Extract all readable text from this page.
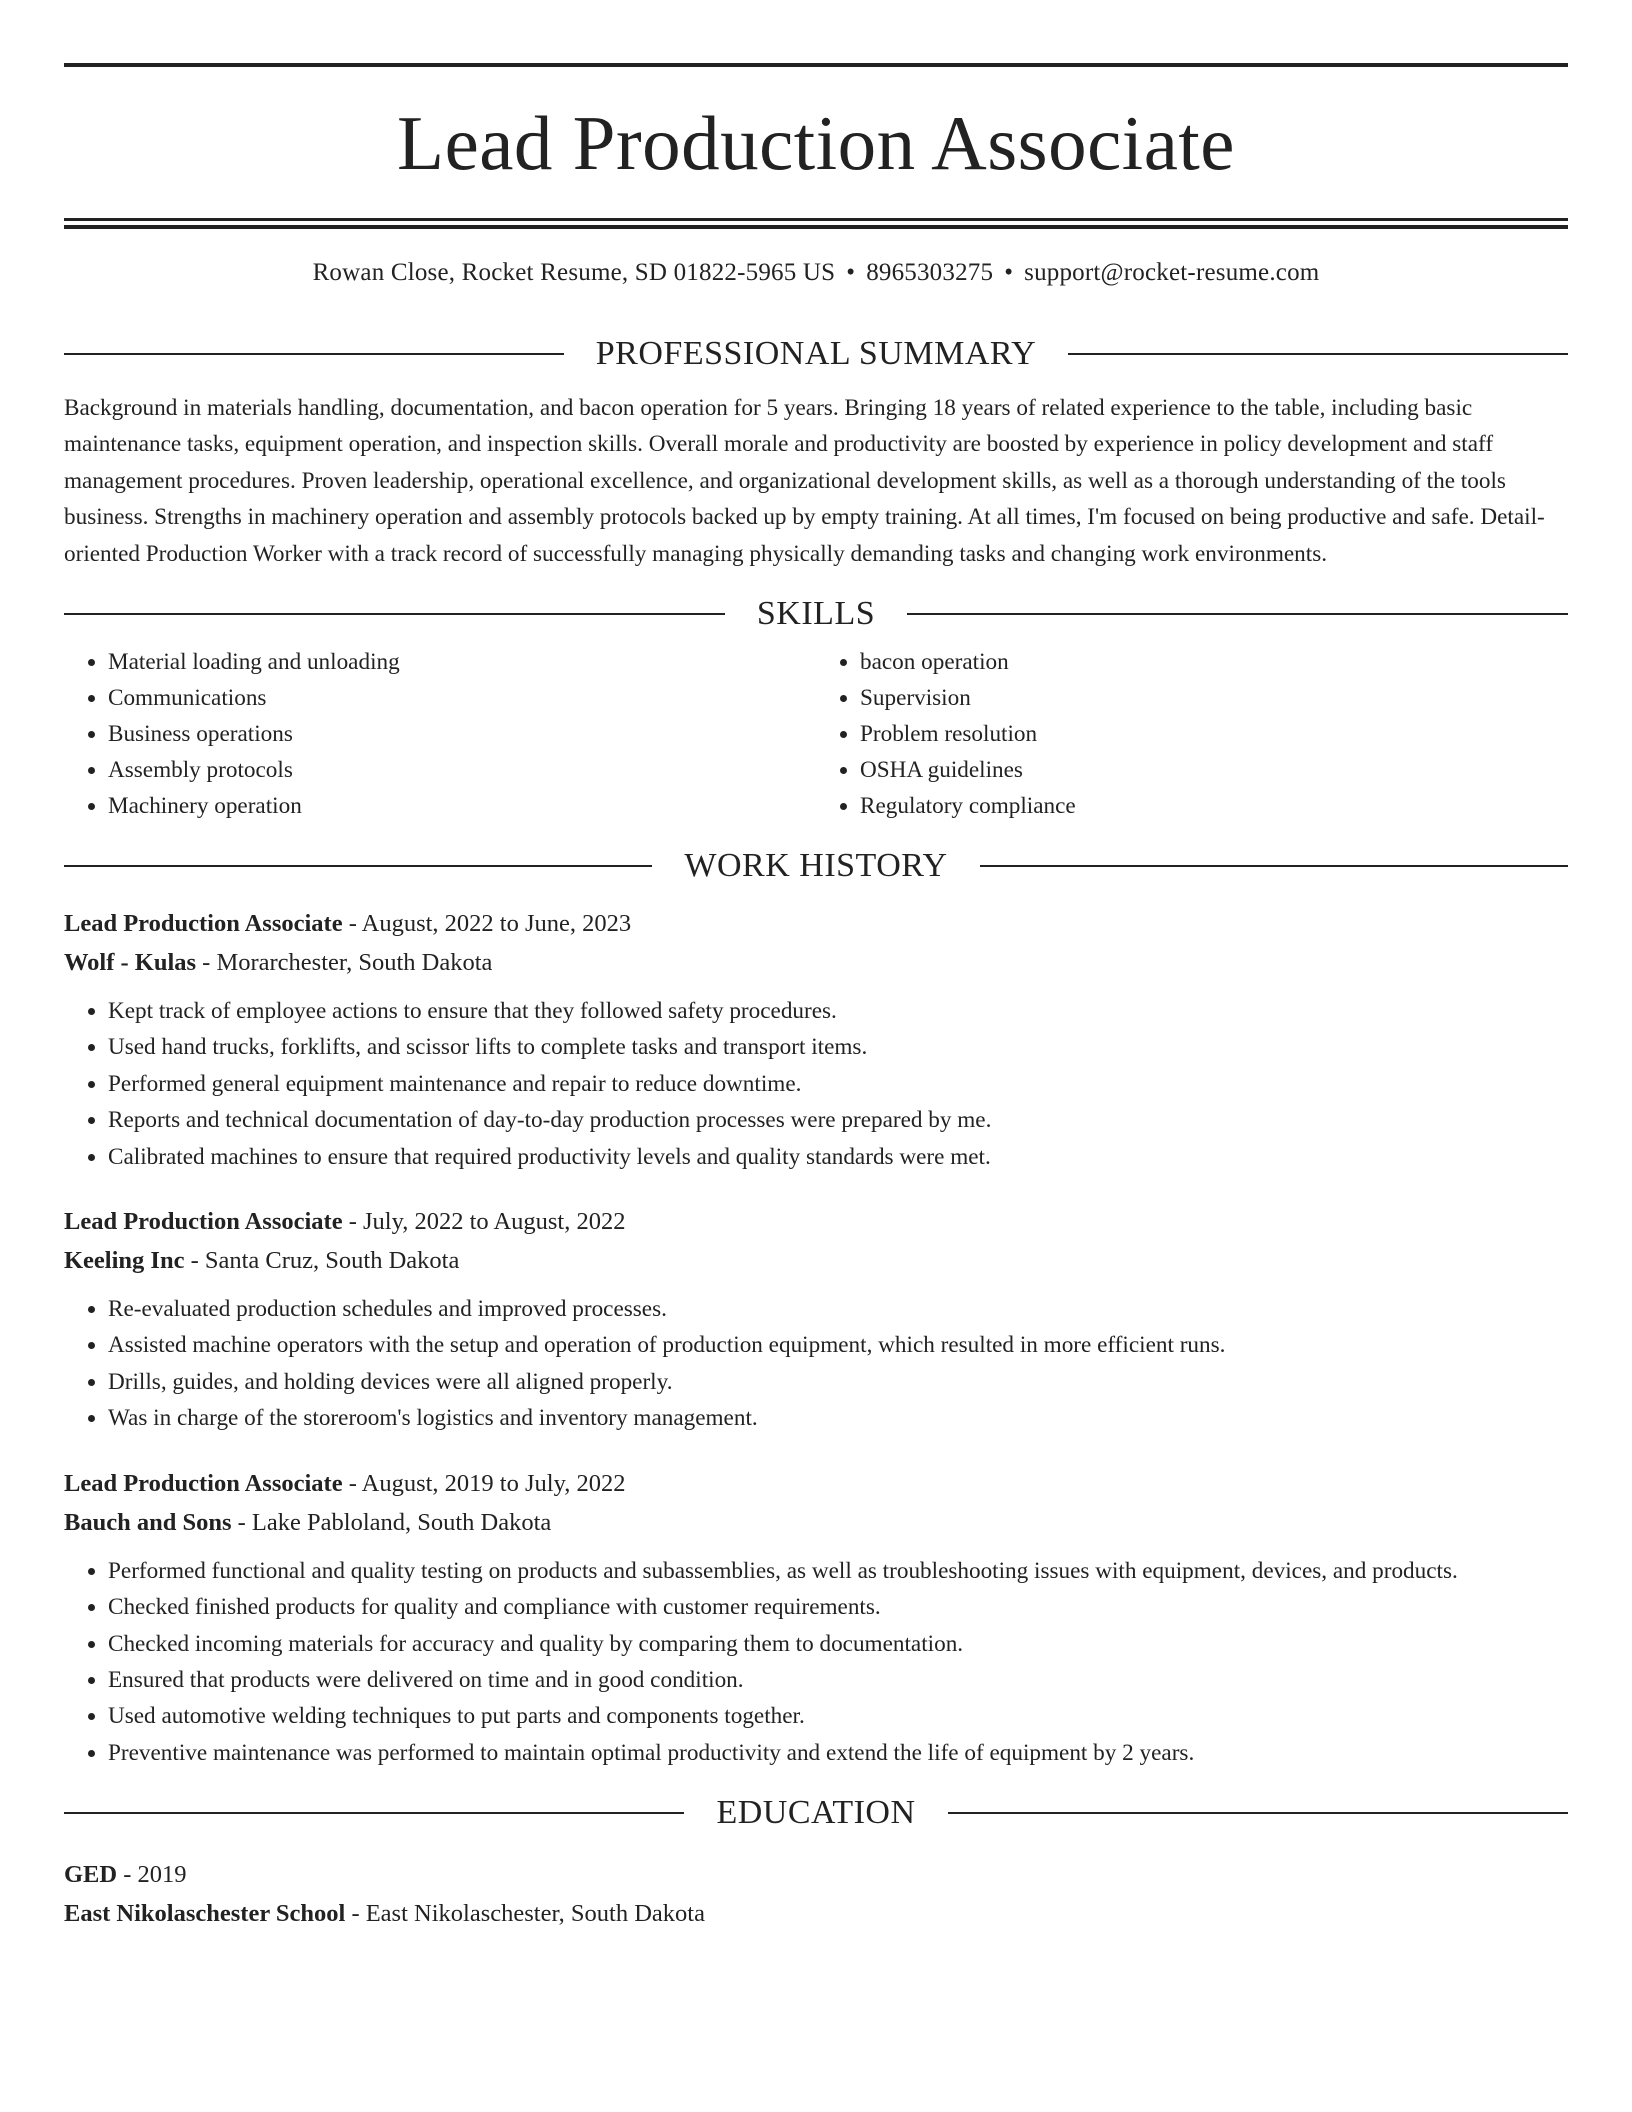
Lead Production Associate
Rowan Close, Rocket Resume, SD 01822-5965 US • 8965303275 • support@rocket-resume.com
PROFESSIONAL SUMMARY
Background in materials handling, documentation, and bacon operation for 5 years. Bringing 18 years of related experience to the table, including basic maintenance tasks, equipment operation, and inspection skills. Overall morale and productivity are boosted by experience in policy development and staff management procedures. Proven leadership, operational excellence, and organizational development skills, as well as a thorough understanding of the tools business. Strengths in machinery operation and assembly protocols backed up by empty training. At all times, I'm focused on being productive and safe. Detail-oriented Production Worker with a track record of successfully managing physically demanding tasks and changing work environments.
SKILLS
• Material loading and unloading
• Communications
• Business operations
• Assembly protocols
• Machinery operation
• bacon operation
• Supervision
• Problem resolution
• OSHA guidelines
• Regulatory compliance
WORK HISTORY
Lead Production Associate - August, 2022 to June, 2023
Wolf - Kulas - Morarchester, South Dakota
• Kept track of employee actions to ensure that they followed safety procedures.
• Used hand trucks, forklifts, and scissor lifts to complete tasks and transport items.
• Performed general equipment maintenance and repair to reduce downtime.
• Reports and technical documentation of day-to-day production processes were prepared by me.
• Calibrated machines to ensure that required productivity levels and quality standards were met.
Lead Production Associate - July, 2022 to August, 2022
Keeling Inc - Santa Cruz, South Dakota
• Re-evaluated production schedules and improved processes.
• Assisted machine operators with the setup and operation of production equipment, which resulted in more efficient runs.
• Drills, guides, and holding devices were all aligned properly.
• Was in charge of the storeroom's logistics and inventory management.
Lead Production Associate - August, 2019 to July, 2022
Bauch and Sons - Lake Pabloland, South Dakota
• Performed functional and quality testing on products and subassemblies, as well as troubleshooting issues with equipment, devices, and products.
• Checked finished products for quality and compliance with customer requirements.
• Checked incoming materials for accuracy and quality by comparing them to documentation.
• Ensured that products were delivered on time and in good condition.
• Used automotive welding techniques to put parts and components together.
• Preventive maintenance was performed to maintain optimal productivity and extend the life of equipment by 2 years.
EDUCATION
GED - 2019
East Nikolaschester School - East Nikolaschester, South Dakota
